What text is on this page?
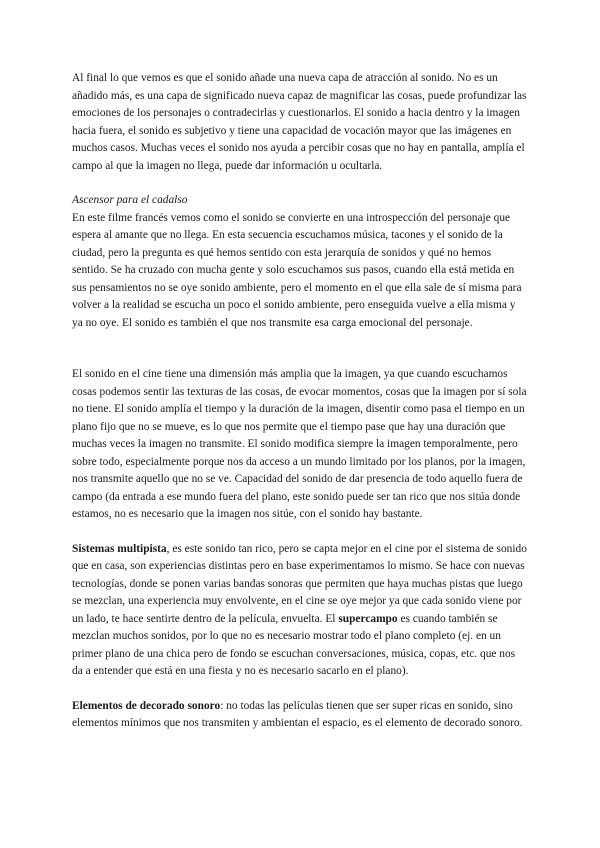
Al final lo que vemos es que el sonido añade una nueva capa de atracción al sonido. No es un añadido más, es una capa de significado nueva capaz de magnificar las cosas, puede profundizar las emociones de los personajes o contradecirlas y cuestionarlos. El sonido a hacia dentro y la imagen hacia fuera, el sonido es subjetivo y tiene una capacidad de vocación mayor que las imágenes en muchos casos. Muchas veces el sonido nos ayuda a percibir cosas que no hay en pantalla, amplía el campo al que la imagen no llega, puede dar información u ocultarla.

Ascensor para el cadalso

En este filme francés vemos como el sonido se convierte en una introspección del personaje que espera al amante que no llega. En esta secuencia escuchamos música, tacones y el sonido de la ciudad, pero la pregunta es qué hemos sentido con esta jerarquía de sonidos y qué no hemos sentido. Se ha cruzado con mucha gente y solo escuchamos sus pasos, cuando ella está metida en sus pensamientos no se oye sonido ambiente, pero el momento en el que ella sale de sí misma para volver a la realidad se escucha un poco el sonido ambiente, pero enseguida vuelve a ella misma y ya no oye. El sonido es también el que nos transmite esa carga emocional del personaje.

El sonido en el cine tiene una dimensión más amplia que la imagen, ya que cuando escuchamos cosas podemos sentir las texturas de las cosas, de evocar momentos, cosas que la imagen por sí sola no tiene. El sonido amplía el tiempo y la duración de la imagen, disentir como pasa el tiempo en un plano fijo que no se mueve, es lo que nos permite que el tiempo pase que hay una duración que muchas veces la imagen no transmite. El sonido modifica siempre la imagen temporalmente, pero sobre todo, especialmente porque nos da acceso a un mundo limitado por los planos, por la imagen, nos transmite aquello que no se ve. Capacidad del sonido de dar presencia de todo aquello fuera de campo (da entrada a ese mundo fuera del plano, este sonido puede ser tan rico que nos sitúa donde estamos, no es necesario que la imagen nos sitúe, con el sonido hay bastante.

Sistemas multipista, es este sonido tan rico, pero se capta mejor en el cine por el sistema de sonido que en casa, son experiencias distintas pero en base experimentamos lo mismo. Se hace con nuevas tecnologías, donde se ponen varias bandas sonoras que permiten que haya muchas pistas que luego se mezclan, una experiencia muy envolvente, en el cine se oye mejor ya que cada sonido viene por un lado, te hace sentirte dentro de la película, envuelta. El supercampo es cuando también se mezclan muchos sonidos, por lo que no es necesario mostrar todo el plano completo (ej. en un primer plano de una chica pero de fondo se escuchan conversaciones, música, copas, etc. que nos da a entender que está en una fiesta y no es necesario sacarlo en el plano).

Elementos de decorado sonoro: no todas las películas tienen que ser super ricas en sonido, sino elementos mínimos que nos transmiten y ambientan el espacio, es el elemento de decorado sonoro.
